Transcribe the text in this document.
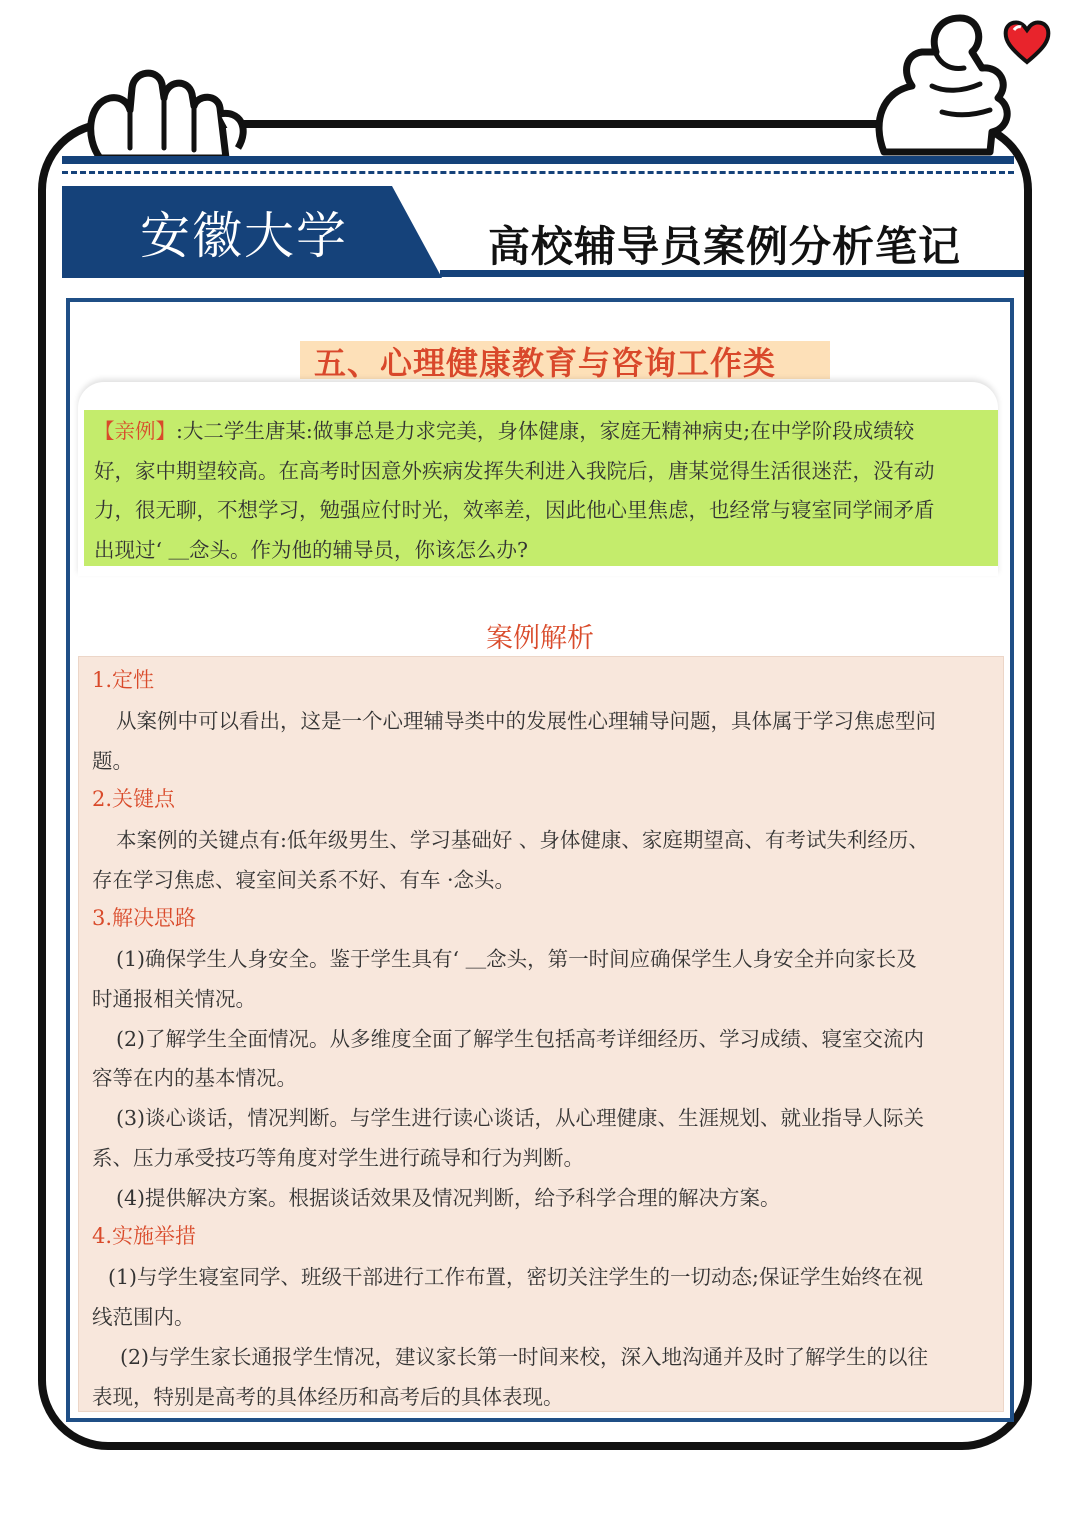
安徽大学	高校辅导员案例分析笔记
五、心理健康教育与咨询工作类
【亲例】:大二学生唐某:做事总是力求完美，身体健康，家庭无精神病史;在中学阶段成绩较
好，家中期望较高。在高考时因意外疾病发挥失利进入我院后，唐某觉得生活很迷茫，没有动
力，很无聊，不想学习，勉强应付时光，效率差，因此他心里焦虑，也经常与寝室同学闹矛盾
出现过‘ ＿念头。作为他的辅导员，你该怎么办?
案例解析
1.定性
从案例中可以看出，这是一个心理辅导类中的发展性心理辅导问题，具体属于学习焦虑型问
题。
2.关键点
本案例的关键点有:低年级男生、学习基础好 、身体健康、家庭期望高、有考试失利经历、
存在学习焦虑、寝室间关系不好、有车 ·念头。
3.解决思路
(1)确保学生人身安全。鉴于学生具有‘ ＿念头，第一时间应确保学生人身安全并向家长及
时通报相关情况。
(2)了解学生全面情况。从多维度全面了解学生包括高考详细经历、学习成绩、寝室交流内
容等在内的基本情况。
(3)谈心谈话，情况判断。与学生进行读心谈话，从心理健康、生涯规划、就业指导人际关
系、压力承受技巧等角度对学生进行疏导和行为判断。
(4)提供解决方案。根据谈话效果及情况判断，给予科学合理的解决方案。
4.实施举措
(1)与学生寝室同学、班级干部进行工作布置，密切关注学生的一切动态;保证学生始终在视
线范围内。
(2)与学生家长通报学生情况，建议家长第一时间来校，深入地沟通并及时了解学生的以往
表现，特别是高考的具体经历和高考后的具体表现。
